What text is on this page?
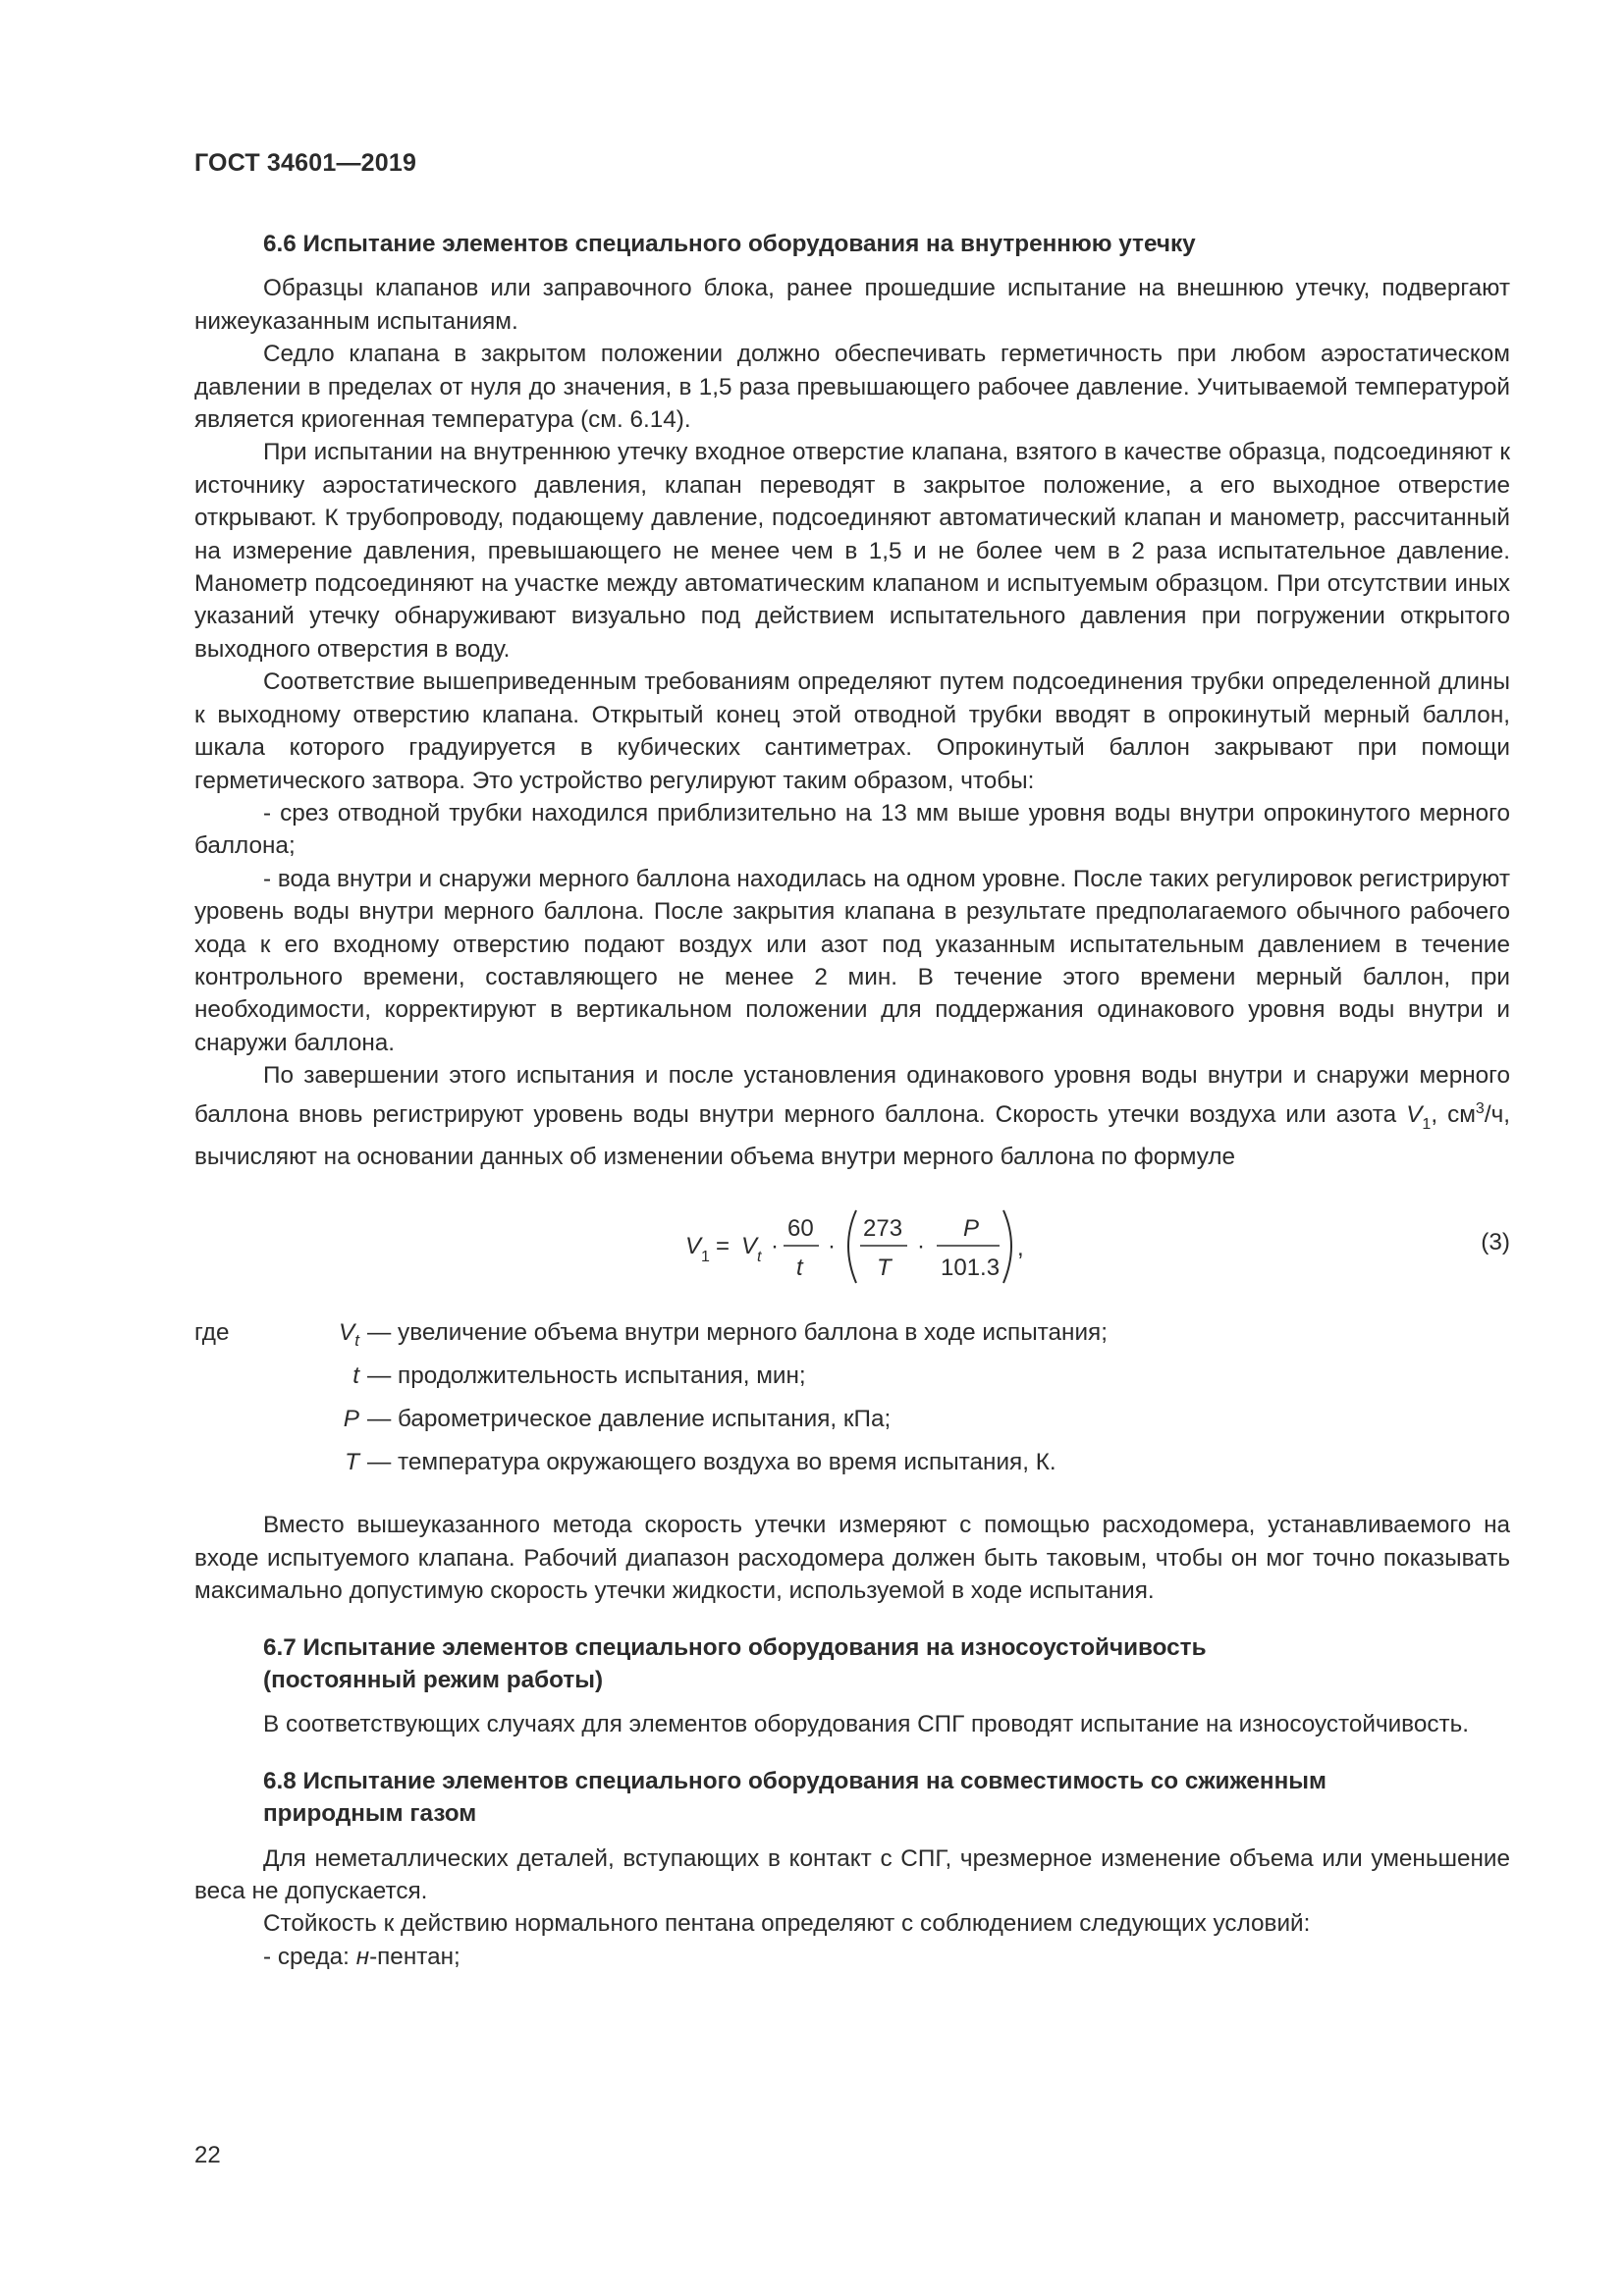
ГОСТ 34601—2019
6.6 Испытание элементов специального оборудования на внутреннюю утечку

Образцы клапанов или заправочного блока, ранее прошедшие испытание на внешнюю утечку, подвергают нижеуказанным испытаниям.

Седло клапана в закрытом положении должно обеспечивать герметичность при любом аэростатическом давлении в пределах от нуля до значения, в 1,5 раза превышающего рабочее давление. Учитываемой температурой является криогенная температура (см. 6.14).

При испытании на внутреннюю утечку входное отверстие клапана, взятого в качестве образца, подсоединяют к источнику аэростатического давления, клапан переводят в закрытое положение, а его выходное отверстие открывают. К трубопроводу, подающему давление, подсоединяют автоматический клапан и манометр, рассчитанный на измерение давления, превышающего не менее чем в 1,5 и не более чем в 2 раза испытательное давление. Манометр подсоединяют на участке между автоматическим клапаном и испытуемым образцом. При отсутствии иных указаний утечку обнаруживают визуально под действием испытательного давления при погружении открытого выходного отверстия в воду.

Соответствие вышеприведенным требованиям определяют путем подсоединения трубки определенной длины к выходному отверстию клапана. Открытый конец этой отводной трубки вводят в опрокинутый мерный баллон, шкала которого градуируется в кубических сантиметрах. Опрокинутый баллон закрывают при помощи герметического затвора. Это устройство регулируют таким образом, чтобы:

- срез отводной трубки находился приблизительно на 13 мм выше уровня воды внутри опрокинутого мерного баллона;

- вода внутри и снаружи мерного баллона находилась на одном уровне. После таких регулировок регистрируют уровень воды внутри мерного баллона. После закрытия клапана в результате предполагаемого обычного рабочего хода к его входному отверстию подают воздух или азот под указанным испытательным давлением в течение контрольного времени, составляющего не менее 2 мин. В течение этого времени мерный баллон, при необходимости, корректируют в вертикальном положении для поддержания одинакового уровня воды внутри и снаружи баллона.

По завершении этого испытания и после установления одинакового уровня воды внутри и снаружи мерного баллона вновь регистрируют уровень воды внутри мерного баллона. Скорость утечки воздуха или азота $V_1$, $см^3/ч$, вычисляют на основании данных об изменении объема внутри мерного баллона по формуле

V 1 = V t ·
60
t
·
273
T
·
P
101.3
,	(3)
где	$V_t$ — увеличение объема внутри мерного баллона в ходе испытания;
t — продолжительность испытания, мин;
P — барометрическое давление испытания, кПа;
T — температура окружающего воздуха во время испытания, К.

Вместо вышеуказанного метода скорость утечки измеряют с помощью расходомера, устанавливаемого на входе испытуемого клапана. Рабочий диапазон расходомера должен быть таковым, чтобы он мог точно показывать максимально допустимую скорость утечки жидкости, используемой в ходе испытания.

6.7 Испытание элементов специального оборудования на износоустойчивость
(постоянный режим работы)

В соответствующих случаях для элементов оборудования СПГ проводят испытание на износоустойчивость.

6.8 Испытание элементов специального оборудования на совместимость со сжиженным
природным газом

Для неметаллических деталей, вступающих в контакт с СПГ, чрезмерное изменение объема или уменьшение веса не допускается.

Стойкость к действию нормального пентана определяют с соблюдением следующих условий:

- среда: н-пентан;

22
